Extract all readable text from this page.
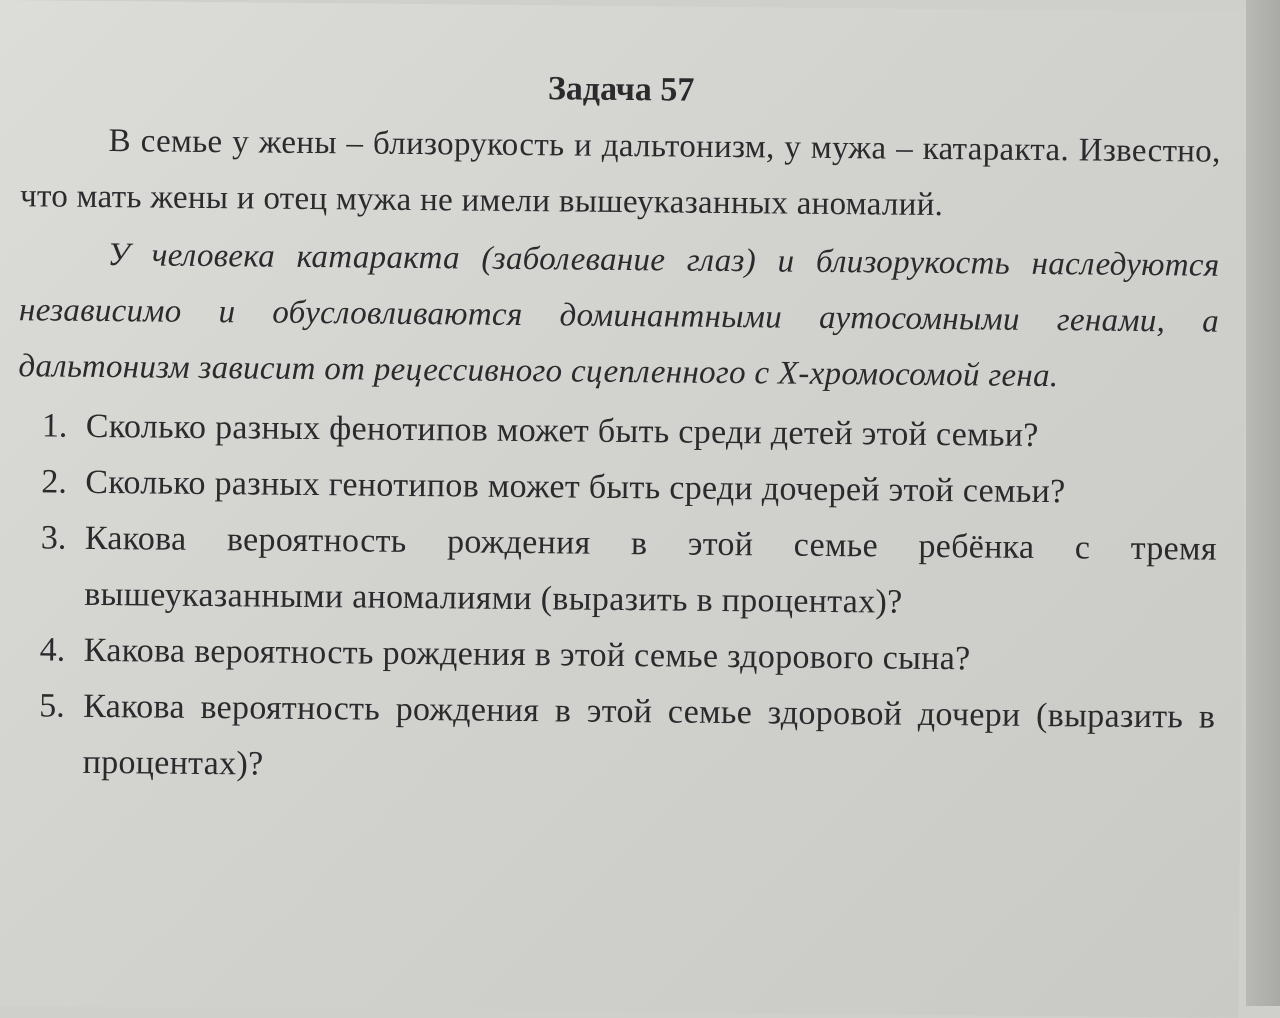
Задача 57

В семье у жены – близорукость и дальтонизм, у мужа – катаракта. Известно, что мать жены и отец мужа не имели вышеуказанных аномалий.

У человека катаракта (заболевание глаз) и близорукость наследуются независимо и обусловливаются доминантными аутосомными генами, а дальтонизм зависит от рецессивного сцепленного с Х-хромосомой гена.

1. Сколько разных фенотипов может быть среди детей этой семьи?
2. Сколько разных генотипов может быть среди дочерей этой семьи?
3. Какова вероятность рождения в этой семье ребёнка с тремя вышеуказанными аномалиями (выразить в процентах)?
4. Какова вероятность рождения в этой семье здорового сына?
5. Какова вероятность рождения в этой семье здоровой дочери (выразить в процентах)?
